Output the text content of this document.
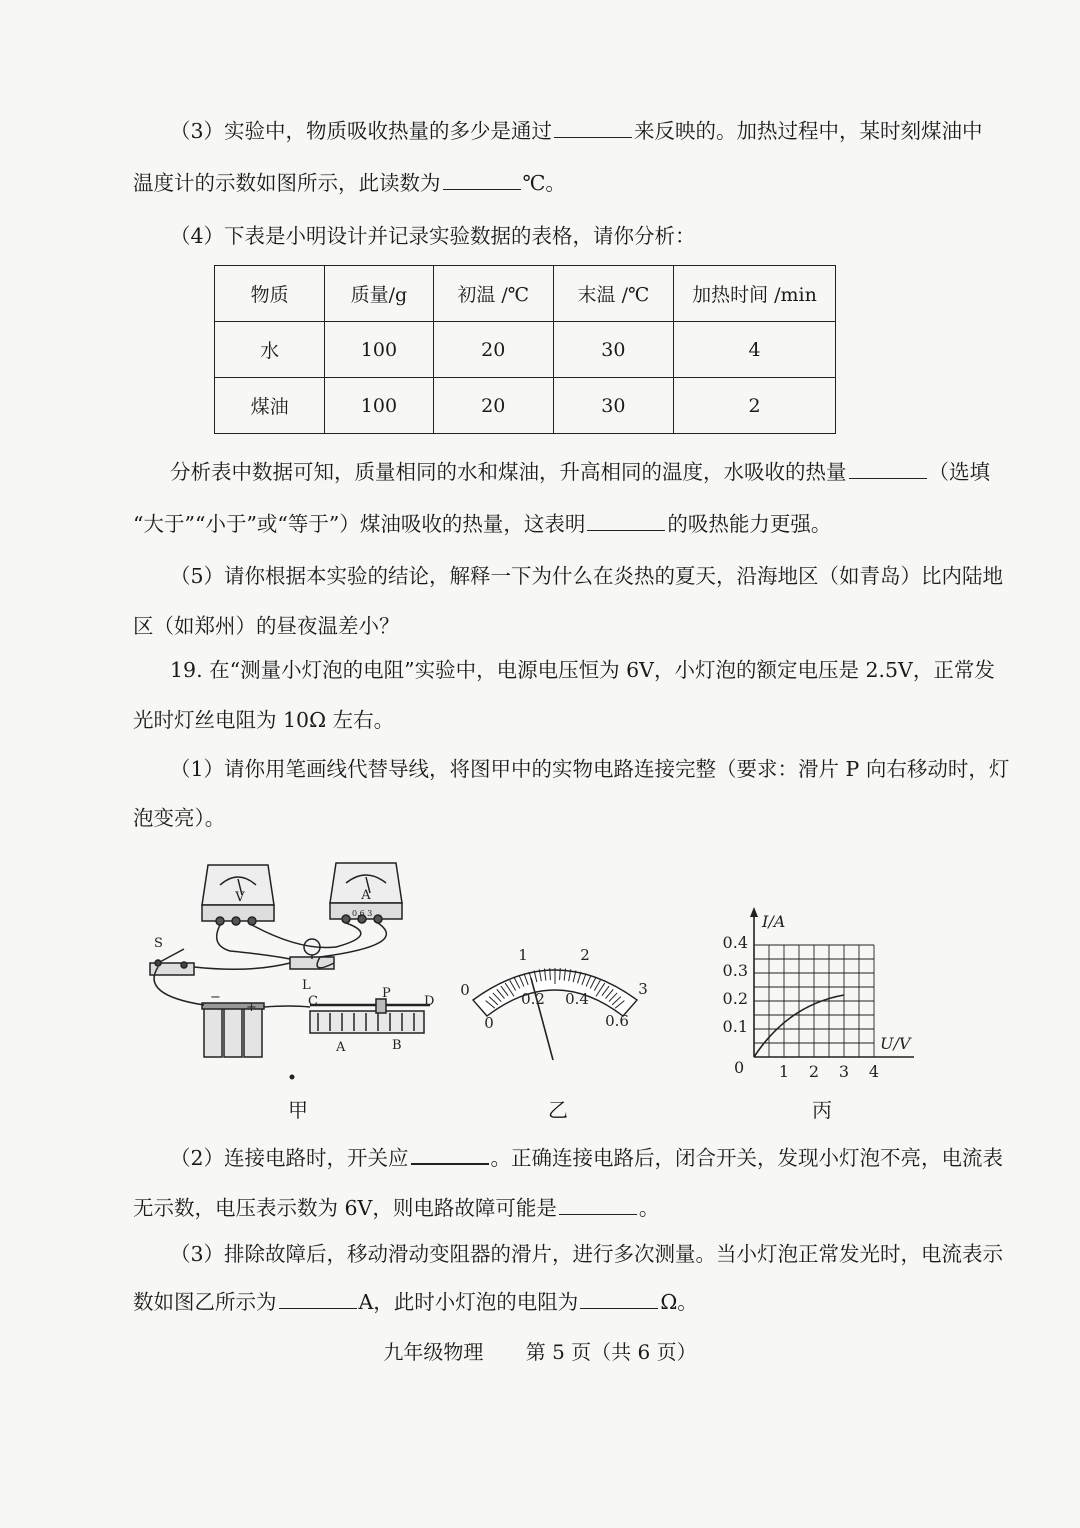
（3）实验中，物质吸收热量的多少是通过	来反映的。加热过程中，某时刻煤油中
温度计的示数如图所示，此读数为	℃。
（4）下表是小明设计并记录实验数据的表格，请你分析：
物质	质量/g	初温 /℃	末温 /℃	加热时间 /min
水	100	20	30	4
煤油	100	20	30	2
分析表中数据可知，质量相同的水和煤油，升高相同的温度，水吸收的热量	（选填
“大于”“小于”或“等于”）煤油吸收的热量，这表明	的吸热能力更强。
（5）请你根据本实验的结论，解释一下为什么在炎热的夏天，沿海地区（如青岛）比内陆地
区（如郑州）的昼夜温差小？
19. 在“测量小灯泡的电阻”实验中，电源电压恒为 6V，小灯泡的额定电压是 2.5V，正常发
光时灯丝电阻为 10Ω 左右。
（1）请你用笔画线代替导线，将图甲中的实物电路连接完整（要求：滑片 P 向右移动时，灯
泡变亮）。
V	A
0.6 3
S
L
−
+	C
P
D
A	B
甲
0
1	2
3
0
0.2 0.4
0.6
乙
I/A
U/V
0
0.1
0.2
0.3
0.4
1 2 3 4
丙
（2）连接电路时，开关应	。正确连接电路后，闭合开关，发现小灯泡不亮，电流表
无示数，电压表示数为 6V，则电路故障可能是	。
（3）排除故障后，移动滑动变阻器的滑片，进行多次测量。当小灯泡正常发光时，电流表示
数如图乙所示为	A，此时小灯泡的电阻为	Ω。
九年级物理 第 5 页（共 6 页）
